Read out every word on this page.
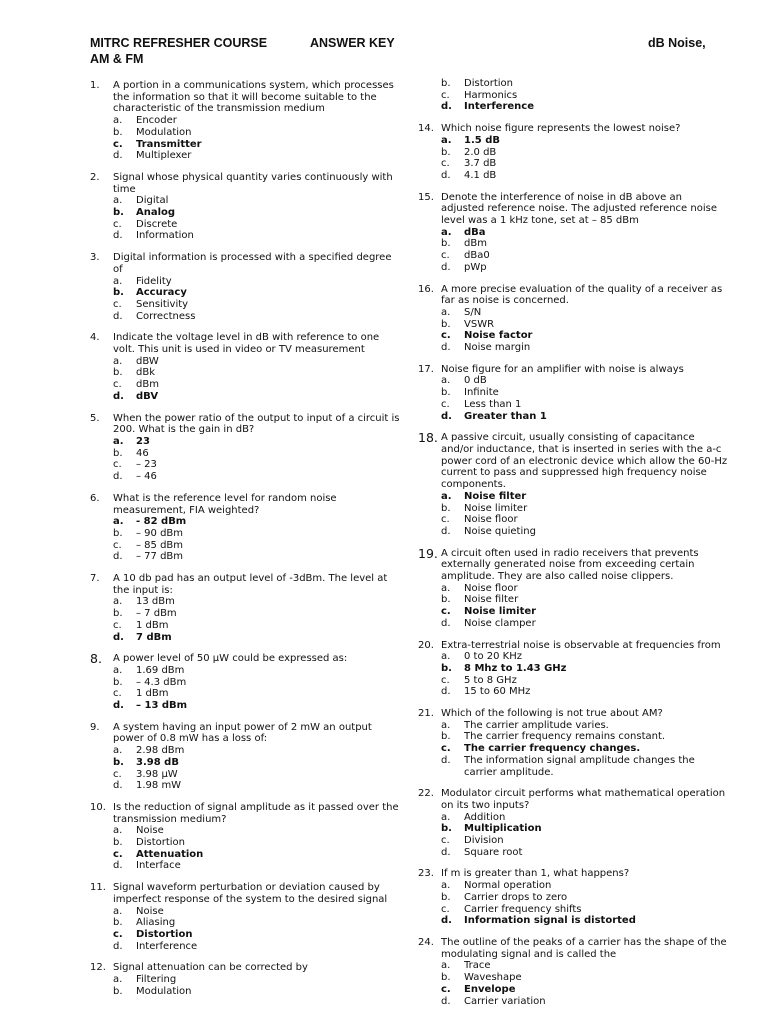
MITRC REFRESHER COURSE	ANSWER KEY	dB Noise,
AM & FM
1.	A portion in a communications system, which processes the information so that it will become suitable to the characteristic of the transmission medium
a.	Encoder
b.	Modulation
c.	Transmitter
d.	Multiplexer
2.	Signal whose physical quantity varies continuously with time
a.	Digital
b.	Analog
c.	Discrete
d.	Information
3.	Digital information is processed with a specified degree of
a.	Fidelity
b.	Accuracy
c.	Sensitivity
d.	Correctness
4.	Indicate the voltage level in dB with reference to one volt. This unit is used in video or TV measurement
a.	dBW
b.	dBk
c.	dBm
d.	dBV
5.	When the power ratio of the output to input of a circuit is 200. What is the gain in dB?
a.	23
b.	46
c.	– 23
d.	– 46
6.	What is the reference level for random noise measurement, FIA weighted?
a.	- 82 dBm
b.	– 90 dBm
c.	– 85 dBm
d.	– 77 dBm
7.	A 10 db pad has an output level of -3dBm. The level at the input is:
a.	13 dBm
b.	– 7 dBm
c.	1 dBm
d.	7 dBm
8.	A power level of 50 µW could be expressed as:
a.	1.69 dBm
b.	– 4.3 dBm
c.	1 dBm
d.	– 13 dBm
9.	A system having an input power of 2 mW an output power of 0.8 mW has a loss of:
a.	2.98 dBm
b.	3.98 dB
c.	3.98 µW
d.	1.98 mW
10. Is the reduction of signal amplitude as it passed over the transmission medium?
a.	Noise
b.	Distortion
c.	Attenuation
d.	Interface
11. Signal waveform perturbation or deviation caused by imperfect response of the system to the desired signal
a.	Noise
b.	Aliasing
c.	Distortion
d.	Interference
12. Signal attenuation can be corrected by
a.	Filtering
b.	Modulation
b.	Distortion
c.	Harmonics
d.	Interference
14. Which noise figure represents the lowest noise?
a.	1.5 dB
b.	2.0 dB
c.	3.7 dB
d.	4.1 dB
15. Denote the interference of noise in dB above an adjusted reference noise. The adjusted reference noise level was a 1 kHz tone, set at – 85 dBm
a.	dBa
b.	dBm
c.	dBa0
d.	pWp
16. A more precise evaluation of the quality of a receiver as far as noise is concerned.
a.	S/N
b.	VSWR
c.	Noise factor
d.	Noise margin
17. Noise figure for an amplifier with noise is always
a.	0 dB
b.	Infinite
c.	Less than 1
d.	Greater than 1
18. A passive circuit, usually consisting of capacitance and/or inductance, that is inserted in series with the a-c power cord of an electronic device which allow the 60-Hz current to pass and suppressed high frequency noise components.
a.	Noise filter
b.	Noise limiter
c.	Noise floor
d.	Noise quieting
19. A circuit often used in radio receivers that prevents externally generated noise from exceeding certain amplitude. They are also called noise clippers.
a.	Noise floor
b.	Noise filter
c.	Noise limiter
d.	Noise clamper
20. Extra-terrestrial noise is observable at frequencies from
a.	0 to 20 KHz
b.	8 Mhz to 1.43 GHz
c.	5 to 8 GHz
d.	15 to 60 MHz
21. Which of the following is not true about AM?
a.	The carrier amplitude varies.
b.	The carrier frequency remains constant.
c.	The carrier frequency changes.
d.	The information signal amplitude changes the carrier amplitude.
22. Modulator circuit performs what mathematical operation on its two inputs?
a.	Addition
b.	Multiplication
c.	Division
d.	Square root
23. If m is greater than 1, what happens?
a.	Normal operation
b.	Carrier drops to zero
c.	Carrier frequency shifts
d.	Information signal is distorted
24. The outline of the peaks of a carrier has the shape of the modulating signal and is called the
a.	Trace
b.	Waveshape
c.	Envelope
d.	Carrier variation
